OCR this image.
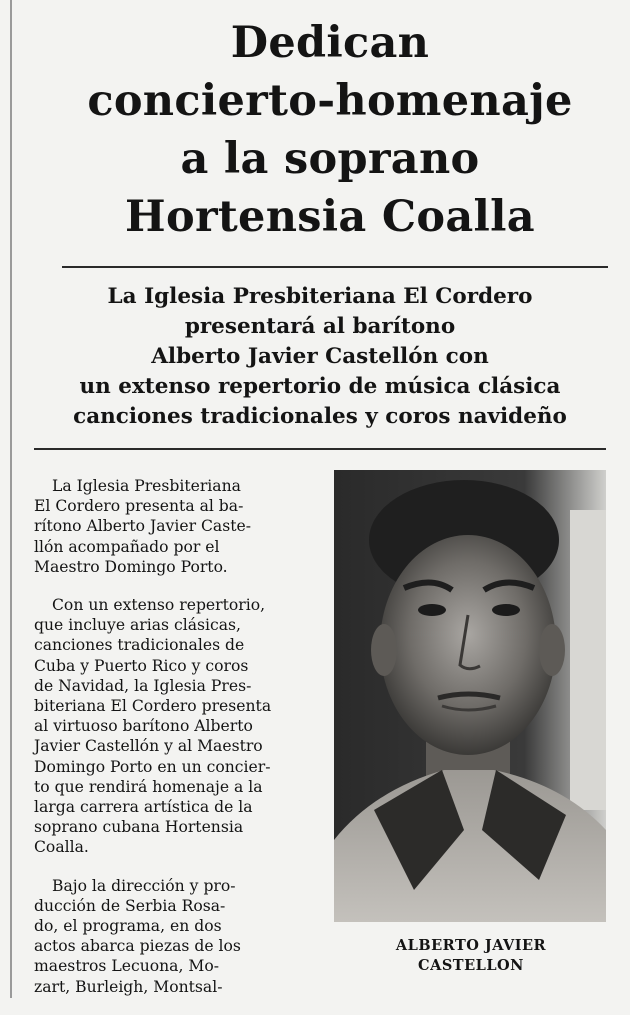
Dedican
concierto-homenaje
a la soprano
Hortensia Coalla
La Iglesia Presbiteriana El Cordero
presentará al barítono
Alberto Javier Castellón con
un extenso repertorio de música clásica
canciones tradicionales y coros navideño

La Iglesia Presbiteriana
El Cordero presenta al ba-
rítono Alberto Javier Caste-
llón acompañado por el
Maestro Domingo Porto.

Con un extenso repertorio,
que incluye arias clásicas,
canciones tradicionales de
Cuba y Puerto Rico y coros
de Navidad, la Iglesia Pres-
biteriana El Cordero presenta
al virtuoso barítono Alberto
Javier Castellón y al Maestro
Domingo Porto en un concier-
to que rendirá homenaje a la
larga carrera artística de la
soprano cubana Hortensia
Coalla.

Bajo la dirección y pro-
ducción de Serbia Rosa-
do, el programa, en dos
actos abarca piezas de los
maestros Lecuona, Mo-
zart, Burleigh, Montsal-

ALBERTO JAVIER
CASTELLON
